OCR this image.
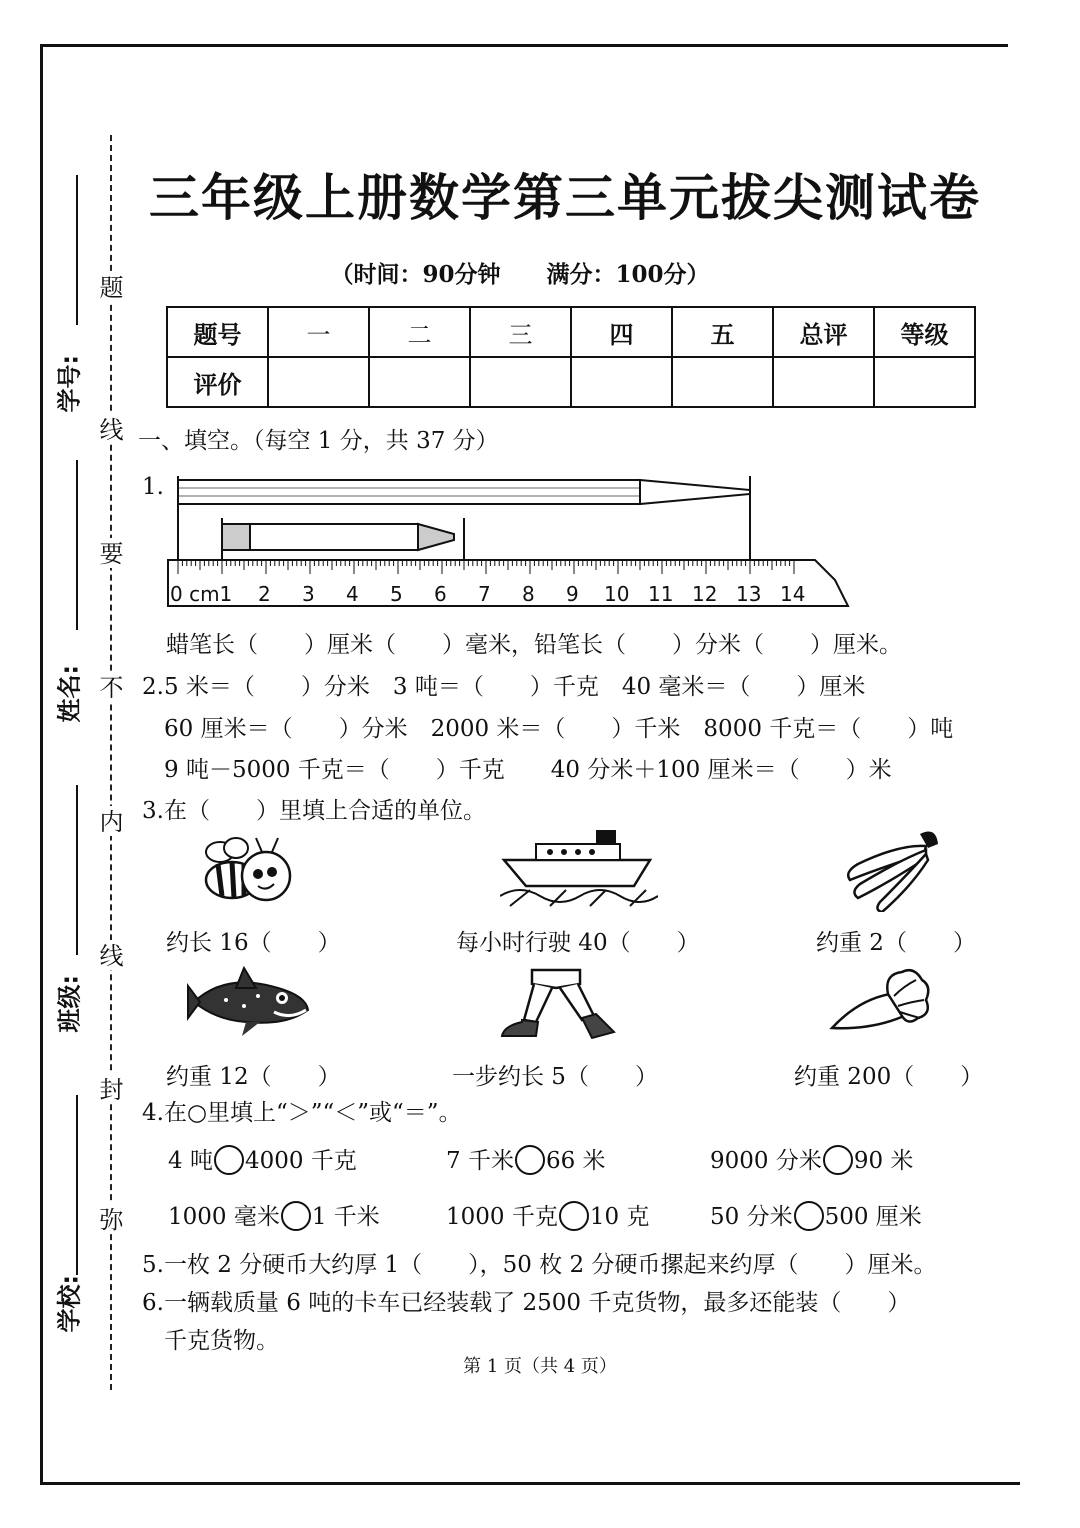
题
线
要
不
内
线
封
弥
学号:
姓名:
班级:
学校:
三年级上册数学第三单元拔尖测试卷
（时间：90分钟　　满分：100分）
题号	一	二	三	四	五	总评	等级
评价							
一、填空。（每空 1 分，共 37 分）
1.
0 cm1 2 3 4 5 6 7 8 9 10 11 12 13 14
蜡笔长（　　）厘米（　　）毫米，铅笔长（　　）分米（　　）厘米。
2.5 米＝（　　）分米　3 吨＝（　　）千克　40 毫米＝（　　）厘米
60 厘米＝（　　）分米　2000 米＝（　　）千米　8000 千克＝（　　）吨
9 吨－5000 千克＝（　　）千克　　40 分米＋100 厘米＝（　　）米
3.在（　　）里填上合适的单位。
约长 16（　　）	每小时行驶 40（　　）	约重 2（　　）
约重 12（　　）	一步约长 5（　　）	约重 200（　　）
4.在○里填上“＞”“＜”或“＝”。
4 吨 4000 千克	7 千米 66 米	9000 分米 90 米
1000 毫米 1 千米	1000 千克 10 克	50 分米 500 厘米
5.一枚 2 分硬币大约厚 1（　　），50 枚 2 分硬币摞起来约厚（　　）厘米。
6.一辆载质量 6 吨的卡车已经装载了 2500 千克货物，最多还能装（　　）
千克货物。
第 1 页（共 4 页）
